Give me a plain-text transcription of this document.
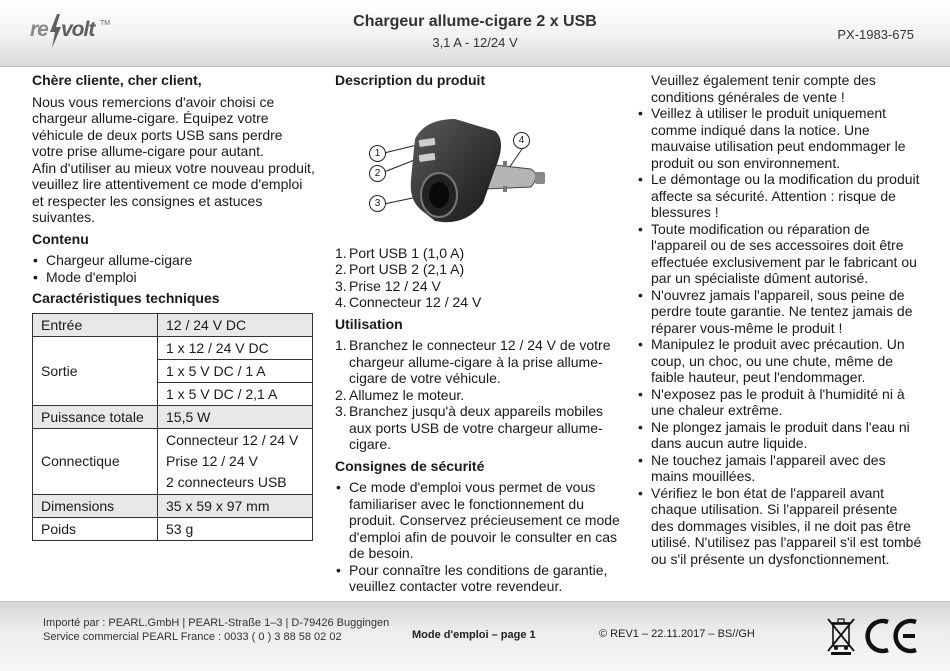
re volt TM	Chargeur allume-cigare 2 x USB
3,1 A - 12/24 V
PX-1983-675
Chère cliente, cher client,

Nous vous remercions d'avoir choisi ce chargeur allume-cigare. Équipez votre véhicule de deux ports USB sans perdre votre prise allume-cigare pour autant.

Afin d'utiliser au mieux votre nouveau produit, veuillez lire attentivement ce mode d'emploi et respecter les consignes et astuces suivantes.

Contenu
• Chargeur allume-cigare
• Mode d'emploi
Caractéristiques techniques
Entrée	12 / 24 V DC
Sortie	1 x 12 / 24 V DC
	1 x 5 V DC / 1 A
	1 x 5 V DC / 2,1 A
Puissance totale	15,5 W
Connectique	Connecteur 12 / 24 V
Prise 12 / 24 V
2 connecteurs USB

Dimensions	35 x 59 x 97 mm
Poids	53 g
Description du produit
1
2
3
4
1. Port USB 1 (1,0 A)
2. Port USB 2 (2,1 A)
3. Prise 12 / 24 V
4. Connecteur 12 / 24 V
Utilisation
1. Branchez le connecteur 12 / 24 V de votre chargeur allume-cigare à la prise allume-cigare de votre véhicule.
2. Allumez le moteur.
3. Branchez jusqu'à deux appareils mobiles aux ports USB de votre chargeur allume-cigare.
Consignes de sécurité
• Ce mode d'emploi vous permet de vous familiariser avec le fonctionnement du produit. Conservez précieusement ce mode d'emploi afin de pouvoir le consulter en cas de besoin.
• Pour connaître les conditions de garantie, veuillez contacter votre revendeur.

Veuillez également tenir compte des conditions générales de vente !

• Veillez à utiliser le produit uniquement comme indiqué dans la notice. Une mauvaise utilisation peut endommager le produit ou son environnement.
• Le démontage ou la modification du produit affecte sa sécurité. Attention : risque de blessures !
• Toute modification ou réparation de l'appareil ou de ses accessoires doit être effectuée exclusivement par le fabricant ou par un spécialiste dûment autorisé.
• N'ouvrez jamais l'appareil, sous peine de perdre toute garantie. Ne tentez jamais de réparer vous-même le produit !
• Manipulez le produit avec précaution. Un coup, un choc, ou une chute, même de faible hauteur, peut l'endommager.
• N'exposez pas le produit à l'humidité ni à une chaleur extrême.
• Ne plongez jamais le produit dans l'eau ni dans aucun autre liquide.
• Ne touchez jamais l'appareil avec des mains mouillées.
• Vérifiez le bon état de l'appareil avant chaque utilisation. Si l'appareil présente des dommages visibles, il ne doit pas être utilisé. N'utilisez pas l'appareil s'il est tombé ou s'il présente un dysfonctionnement.
Importé par : PEARL.GmbH | PEARL-Straße 1–3 | D-79426 Buggingen
Service commercial PEARL France : 0033 ( 0 ) 3 88 58 02 02	Mode d'emploi – page 1	© REV1 – 22.11.2017 – BS//GH
